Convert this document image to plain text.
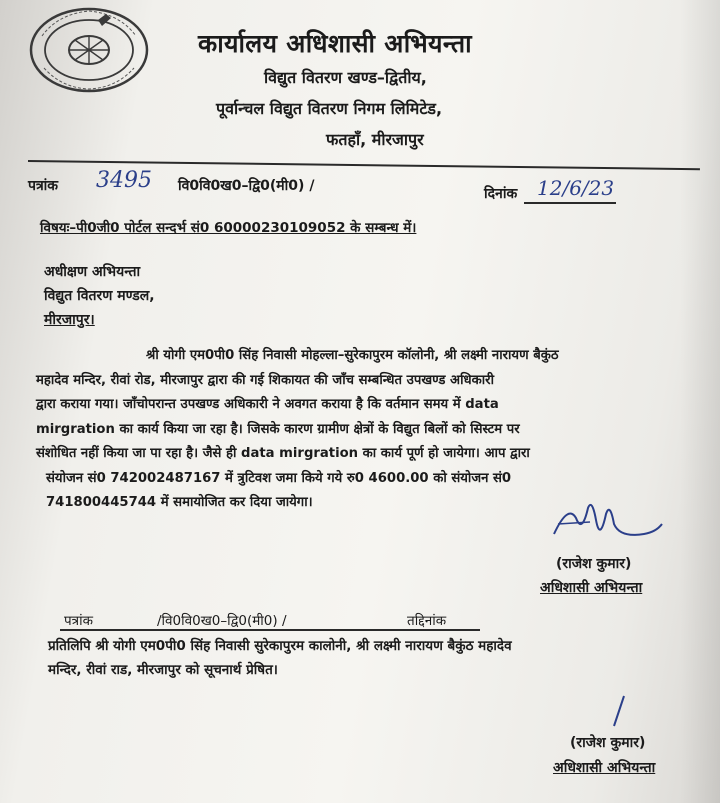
कार्यालय अधिशासी अभियन्ता
विद्युत वितरण खण्ड–द्वितीय,
पूर्वान्चल विद्युत वितरण निगम लिमिटेड,
फतहाँ, मीरजापुर
पत्रांक 3495 वि0वि0ख0–द्वि0(मी0) /	दिनांक 12/6/23
विषयः–पी0जी0 पोर्टल सन्दर्भ सं0 60000230109052 के सम्बन्ध में।
अधीक्षण अभियन्ता
विद्युत वितरण मण्डल,
मीरजापुर।
श्री योगी एम0पी0 सिंह निवासी मोहल्ला–सुरेकापुरम कॉलोनी, श्री लक्ष्मी नारायण बैकुंठ
महादेव मन्दिर, रीवां रोड, मीरजापुर द्वारा की गई शिकायत की जाँच सम्बन्धित उपखण्ड अधिकारी
द्वारा कराया गया। जाँचोपरान्त उपखण्ड अधिकारी ने अवगत कराया है कि वर्तमान समय में data
mirgration का कार्य किया जा रहा है। जिसके कारण ग्रामीण क्षेत्रों के विद्युत बिलों को सिस्टम पर
संशोधित नहीं किया जा पा रहा है। जैसे ही data mirgration का कार्य पूर्ण हो जायेगा। आप द्वारा
संयोजन सं0 742002487167 में त्रुटिवश जमा किये गये रु0 4600.00 को संयोजन सं0
741800445744 में समायोजित कर दिया जायेगा।
(राजेश कुमार)
अधिशासी अभियन्ता
पत्रांक	/वि0वि0ख0–द्वि0(मी0) /	तद्दिनांक
प्रतिलिपि श्री योगी एम0पी0 सिंह निवासी सुरेकापुरम कालोनी, श्री लक्ष्मी नारायण बैकुंठ महादेव
मन्दिर, रीवां राड, मीरजापुर को सूचनार्थ प्रेषित।
(राजेश कुमार)
अधिशासी अभियन्ता
